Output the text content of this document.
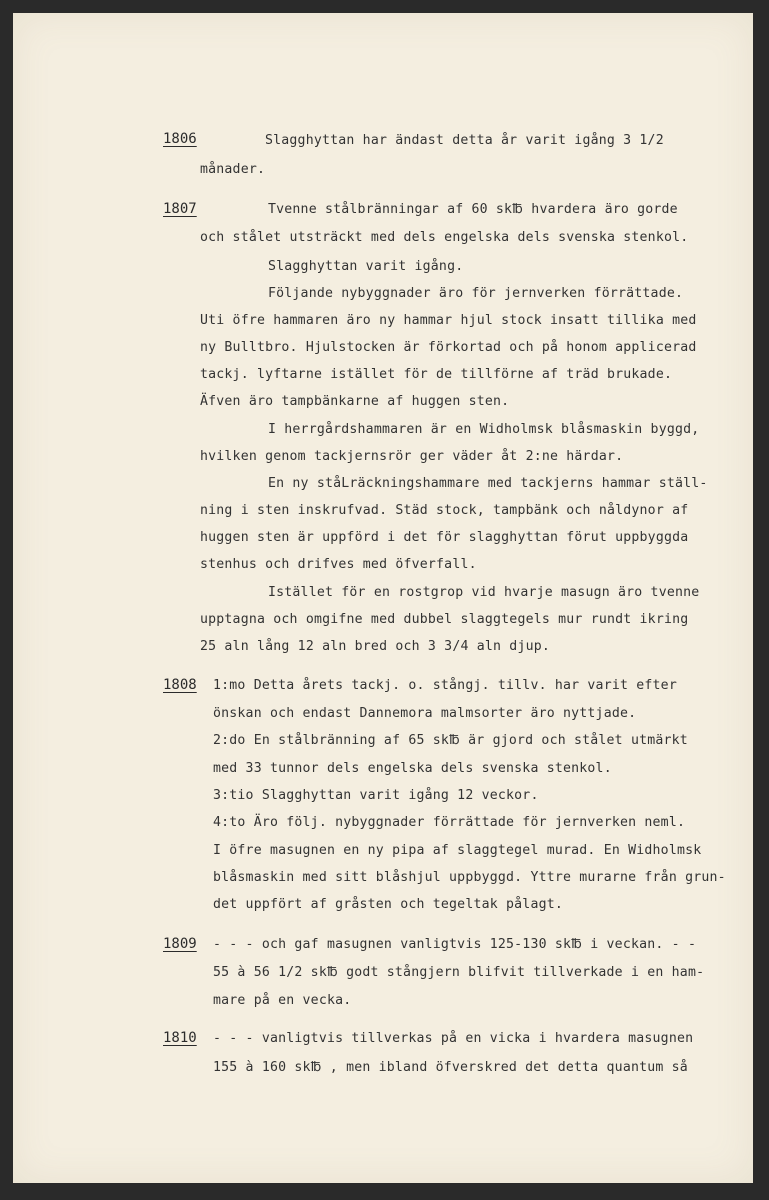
1806	Slagghyttan har ändast detta år varit igång 3 1/2
månader.
1807	Tvenne stålbränningar af 60 sk℔ hvardera äro gorde
och stålet utsträckt med dels engelska dels svenska stenkol.
Slagghyttan varit igång.
Följande nybyggnader äro för jernverken förrättade.
Uti öfre hammaren äro ny hammar hjul stock insatt tillika med
ny Bulltbro. Hjulstocken är förkortad och på honom applicerad
tackj. lyftarne istället för de tillförne af träd brukade.
Äfven äro tampbänkarne af huggen sten.
I herrgårdshammaren är en Widholmsk blåsmaskin byggd,
hvilken genom tackjernsrör ger väder åt 2:ne härdar.
En ny ståLräckningshammare med tackjerns hammar ställ-
ning i sten inskrufvad. Städ stock, tampbänk och nåldynor af
huggen sten är uppförd i det för slagghyttan förut uppbyggda
stenhus och drifves med öfverfall.
Istället för en rostgrop vid hvarje masugn äro tvenne
upptagna och omgifne med dubbel slaggtegels mur rundt ikring
25 aln lång 12 aln bred och 3 3/4 aln djup.
1808 1:mo Detta årets tackj. o. stångj. tillv. har varit efter
önskan och endast Dannemora malmsorter äro nyttjade.
2:do En stålbränning af 65 sk℔ är gjord och stålet utmärkt
med 33 tunnor dels engelska dels svenska stenkol.
3:tio Slagghyttan varit igång 12 veckor.
4:to Äro följ. nybyggnader förrättade för jernverken neml.
I öfre masugnen en ny pipa af slaggtegel murad. En Widholmsk
blåsmaskin med sitt blåshjul uppbyggd. Yttre murarne från grun-
det uppfört af gråsten och tegeltak pålagt.
1809 - - - och gaf masugnen vanligtvis 125-130 sk℔ i veckan. - -
55 à 56 1/2 sk℔ godt stångjern blifvit tillverkade i en ham-
mare på en vecka.
1810 - - - vanligtvis tillverkas på en vicka i hvardera masugnen
155 à 160 sk℔ , men ibland öfverskred det detta quantum så
